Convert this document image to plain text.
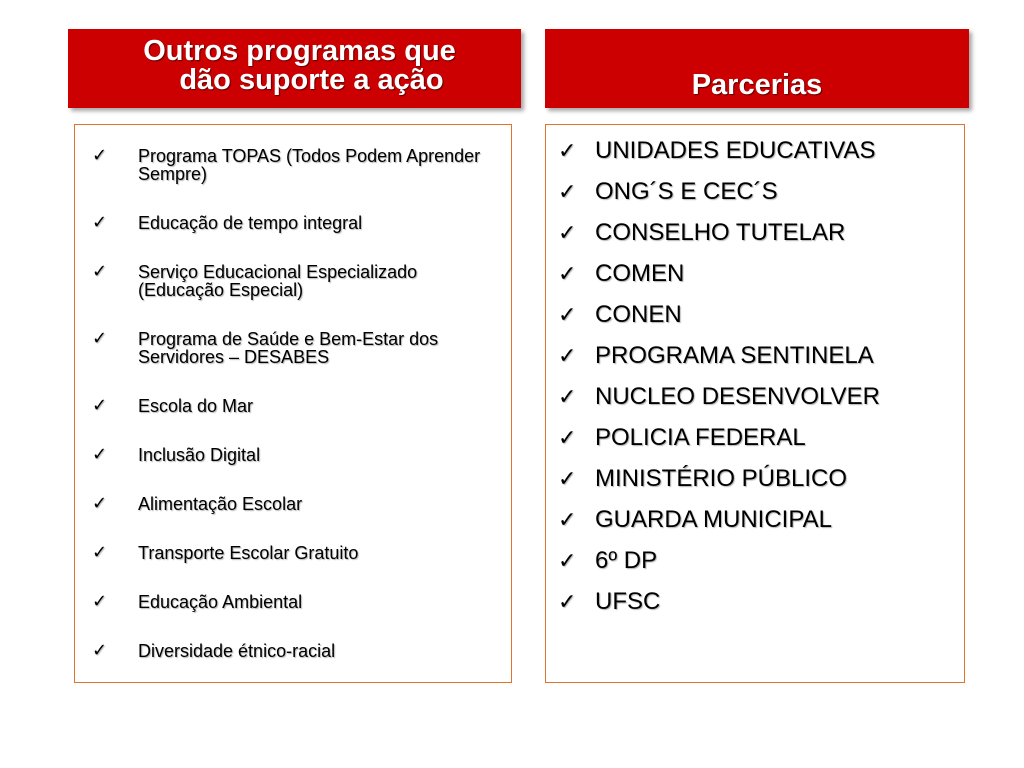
Outros programas que
dão suporte a ação	Parcerias
✓ Programa TOPAS (Todos Podem Aprender Sempre)
✓ Educação de tempo integral
✓ Serviço Educacional Especializado (Educação Especial)
✓ Programa de Saúde e Bem-Estar dos Servidores – DESABES
✓ Escola do Mar
✓ Inclusão Digital
✓ Alimentação Escolar
✓ Transporte Escolar Gratuito
✓ Educação Ambiental
✓ Diversidade étnico-racial
✓ UNIDADES EDUCATIVAS
✓ ONG´S E CEC´S
✓ CONSELHO TUTELAR
✓ COMEN
✓ CONEN
✓ PROGRAMA SENTINELA
✓ NUCLEO DESENVOLVER
✓ POLICIA FEDERAL
✓ MINISTÉRIO PÚBLICO
✓ GUARDA MUNICIPAL
✓ 6º DP
✓ UFSC
